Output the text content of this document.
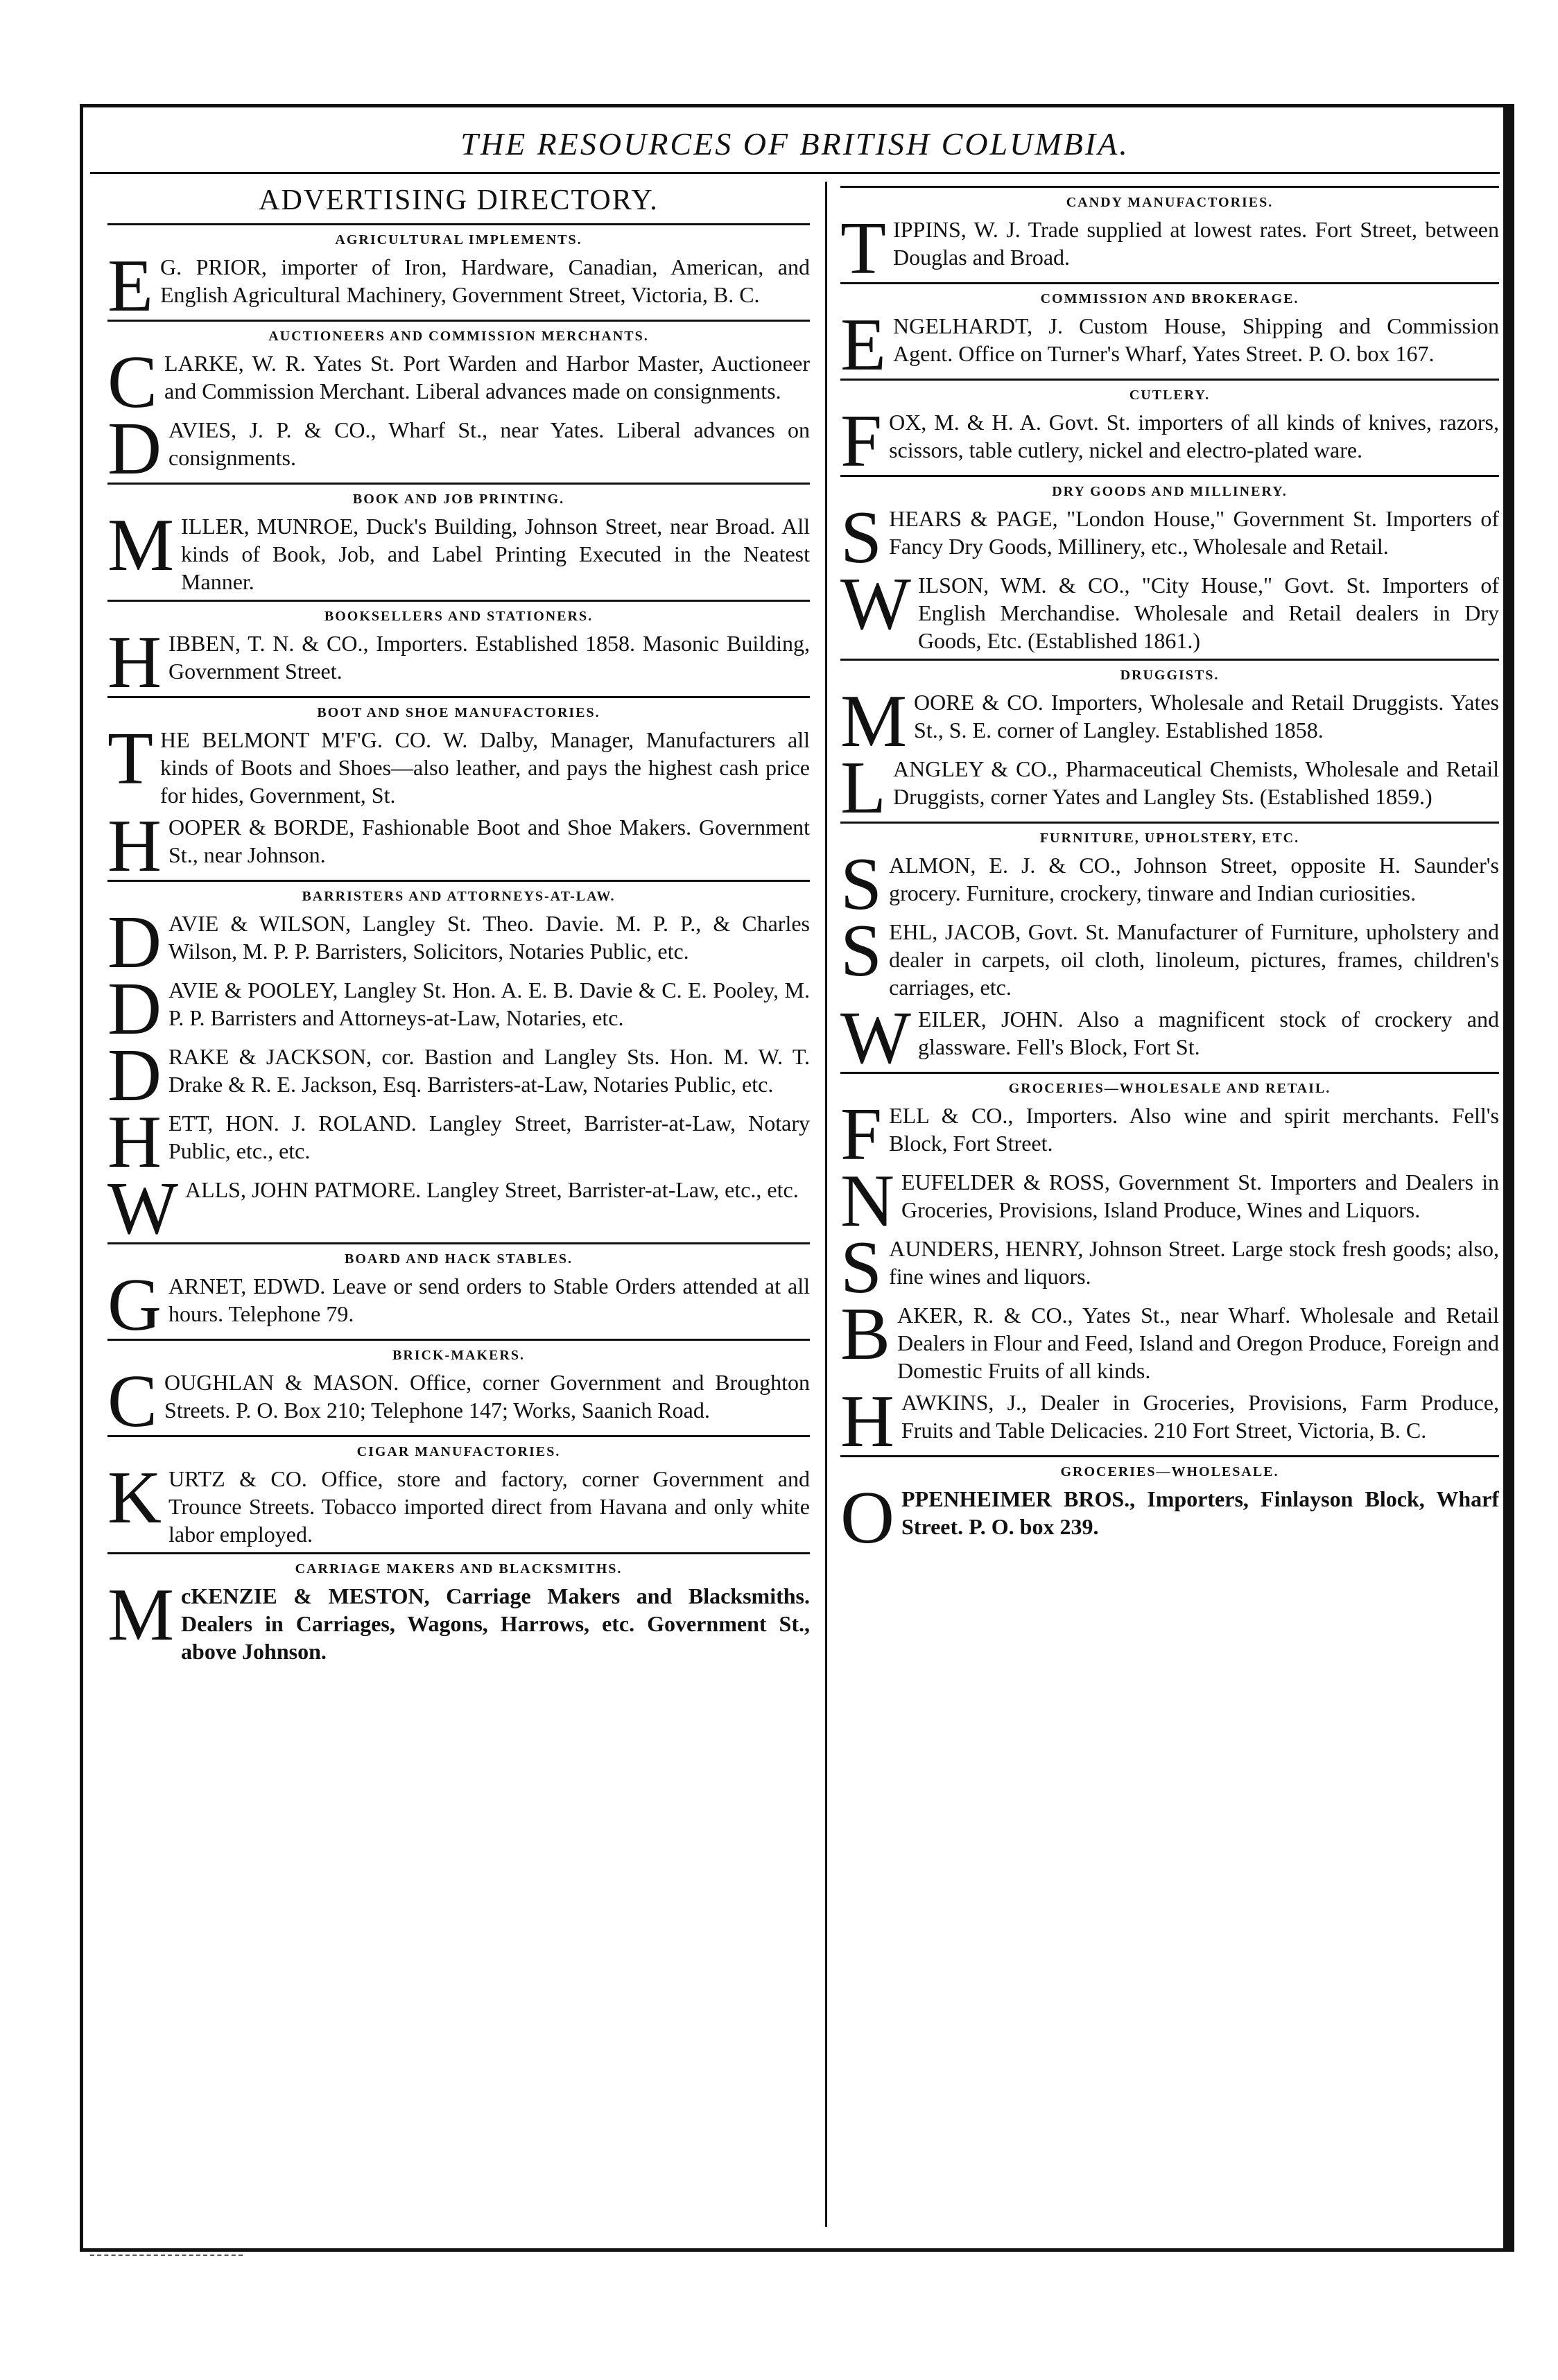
THE RESOURCES OF BRITISH COLUMBIA.
ADVERTISING DIRECTORY.
AGRICULTURAL IMPLEMENTS.
E G. PRIOR, importer of Iron, Hardware, Canadian, American, and English Agricultural Machinery, Government Street, Victoria, B. C.
AUCTIONEERS AND COMMISSION MERCHANTS.
CLARKE, W. R. Yates St. Port Warden and Harbor Master, Auctioneer and Commission Merchant. Liberal advances made on consignments.
DAVIES, J. P. & CO., Wharf St., near Yates. Liberal advances on consignments.
BOOK AND JOB PRINTING.
MILLER, MUNROE, Duck's Building, Johnson Street, near Broad. All kinds of Book, Job, and Label Printing Executed in the Neatest Manner.
BOOKSELLERS AND STATIONERS.
HIBBEN, T. N. & CO., Importers. Established 1858. Masonic Building, Government Street.
BOOT AND SHOE MANUFACTORIES.
THE BELMONT M'F'G. CO. W. Dalby, Manager, Manufacturers all kinds of Boots and Shoes—also leather, and pays the highest cash price for hides, Government, St.
HOOPER & BORDE, Fashionable Boot and Shoe Makers. Government St., near Johnson.
BARRISTERS AND ATTORNEYS-AT-LAW.
DAVIE & WILSON, Langley St. Theo. Davie. M. P. P., & Charles Wilson, M. P. P. Barristers, Solicitors, Notaries Public, etc.
DAVIE & POOLEY, Langley St. Hon. A. E. B. Davie & C. E. Pooley, M. P. P. Barristers and Attorneys-at-Law, Notaries, etc.
DRAKE & JACKSON, cor. Bastion and Langley Sts. Hon. M. W. T. Drake & R. E. Jackson, Esq. Barristers-at-Law, Notaries Public, etc.
HETT, HON. J. ROLAND. Langley Street, Barrister-at-Law, Notary Public, etc., etc.
WALLS, JOHN PATMORE. Langley Street, Barrister-at-Law, etc., etc.
BOARD AND HACK STABLES.
GARNET, EDWD. Leave or send orders to Stable Orders attended at all hours. Telephone 79.
BRICK-MAKERS.
COUGHLAN & MASON. Office, corner Government and Broughton Streets. P. O. Box 210; Telephone 147; Works, Saanich Road.
CIGAR MANUFACTORIES.
KURTZ & CO. Office, store and factory, corner Government and Trounce Streets. Tobacco imported direct from Havana and only white labor employed.
CARRIAGE MAKERS AND BLACKSMITHS.
McKENZIE & MESTON, Carriage Makers and Blacksmiths. Dealers in Carriages, Wagons, Harrows, etc. Government St., above Johnson.
CANDY MANUFACTORIES.
TIPPINS, W. J. Trade supplied at lowest rates. Fort Street, between Douglas and Broad.
COMMISSION AND BROKERAGE.
ENGELHARDT, J. Custom House, Shipping and Commission Agent. Office on Turner's Wharf, Yates Street. P. O. box 167.
CUTLERY.
FOX, M. & H. A. Govt. St. importers of all kinds of knives, razors, scissors, table cutlery, nickel and electro-plated ware.
DRY GOODS AND MILLINERY.
SHEARS & PAGE, "London House," Government St. Importers of Fancy Dry Goods, Millinery, etc., Wholesale and Retail.
WILSON, WM. & CO., "City House," Govt. St. Importers of English Merchandise. Wholesale and Retail dealers in Dry Goods, Etc. (Established 1861.)
DRUGGISTS.
MOORE & CO. Importers, Wholesale and Retail Druggists. Yates St., S. E. corner of Langley. Established 1858.
LANGLEY & CO., Pharmaceutical Chemists, Wholesale and Retail Druggists, corner Yates and Langley Sts. (Established 1859.)
FURNITURE, UPHOLSTERY, ETC.
SALMON, E. J. & CO., Johnson Street, opposite H. Saunder's grocery. Furniture, crockery, tinware and Indian curiosities.
SEHL, JACOB, Govt. St. Manufacturer of Furniture, upholstery and dealer in carpets, oil cloth, linoleum, pictures, frames, children's carriages, etc.
WEILER, JOHN. Also a magnificent stock of crockery and glassware. Fell's Block, Fort St.
GROCERIES—WHOLESALE AND RETAIL.
FELL & CO., Importers. Also wine and spirit merchants. Fell's Block, Fort Street.
NEUFELDER & ROSS, Government St. Importers and Dealers in Groceries, Provisions, Island Produce, Wines and Liquors.
SAUNDERS, HENRY, Johnson Street. Large stock fresh goods; also, fine wines and liquors.
BAKER, R. & CO., Yates St., near Wharf. Wholesale and Retail Dealers in Flour and Feed, Island and Oregon Produce, Foreign and Domestic Fruits of all kinds.
HAWKINS, J., Dealer in Groceries, Provisions, Farm Produce, Fruits and Table Delicacies. 210 Fort Street, Victoria, B. C.
GROCERIES—WHOLESALE.
OPPENHEIMER BROS., Importers, Finlayson Block, Wharf Street. P. O. box 239.
